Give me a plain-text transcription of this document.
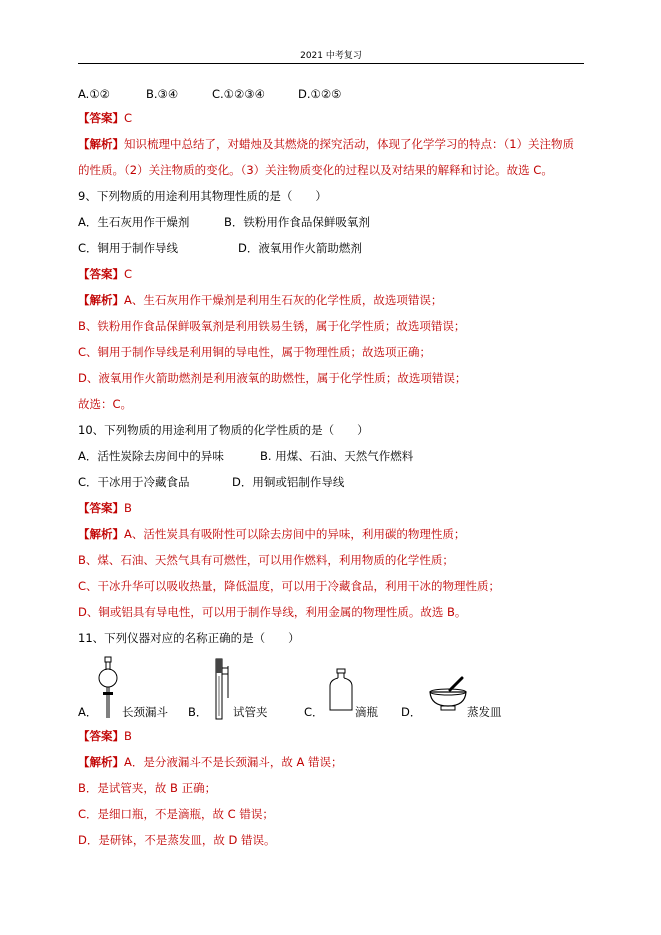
2021 中考复习
A.①②	B.③④	C.①②③④	D.①②⑤
【答案】C
【解析】知识梳理中总结了，对蜡烛及其燃烧的探究活动，体现了化学学习的特点：（1）关注物质
的性质。（2）关注物质的变化。（3）关注物质变化的过程以及对结果的解释和讨论。故选 C。
9、下列物质的用途利用其物理性质的是（　　）
A．生石灰用作干燥剂	B．铁粉用作食品保鲜吸氧剂
C．铜用于制作导线	D．液氧用作火箭助燃剂
【答案】C
【解析】A、生石灰用作干燥剂是利用生石灰的化学性质，故选项错误；
B、铁粉用作食品保鲜吸氧剂是利用铁易生锈，属于化学性质；故选项错误；
C、铜用于制作导线是利用铜的导电性，属于物理性质；故选项正确；
D、液氧用作火箭助燃剂是利用液氧的助燃性，属于化学性质；故选项错误；
故选：C。
10、下列物质的用途利用了物质的化学性质的是（　　）
A．活性炭除去房间中的异味	B. 用煤、石油、天然气作燃料
C．干冰用于冷藏食品	D．用铜或铝制作导线
【答案】B
【解析】A、活性炭具有吸附性可以除去房间中的异味，利用碳的物理性质；
B、煤、石油、天然气具有可燃性，可以用作燃料，利用物质的化学性质；
C、干冰升华可以吸收热量，降低温度，可以用于冷藏食品，利用干冰的物理性质；
D、铜或铝具有导电性，可以用于制作导线，利用金属的物理性质。故选 B。
11、下列仪器对应的名称正确的是（　　）
A． 长颈漏斗 B． 试管夹	C．	滴瓶 D．	蒸发皿
【答案】B
【解析】A．是分液漏斗不是长颈漏斗，故 A 错误；
B．是试管夹，故 B 正确；
C．是细口瓶，不是滴瓶，故 C 错误；
D．是研钵，不是蒸发皿，故 D 错误。
